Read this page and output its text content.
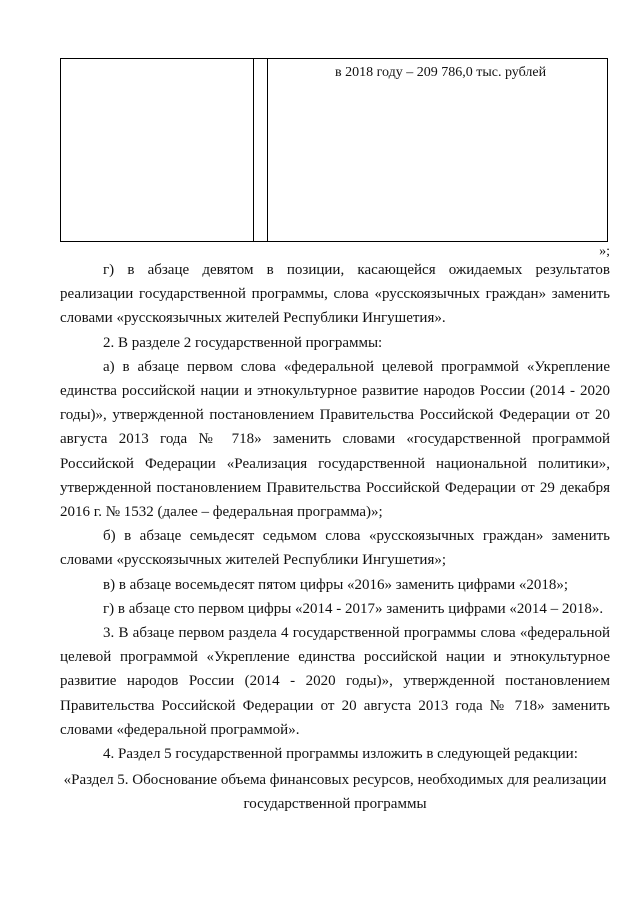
в 2018 году – 209 786,0 тыс. рублей
»;

г) в абзаце девятом в позиции, касающейся ожидаемых результатов реализации государственной программы, слова «русскоязычных граждан» заменить словами «русскоязычных жителей Республики Ингушетия».

2. В разделе 2 государственной программы:

а) в абзаце первом слова «федеральной целевой программой «Укрепление единства российской нации и этнокультурное развитие народов России (2014 - 2020 годы)», утвержденной постановлением Правительства Российской Федерации от 20 августа 2013 года № 718» заменить словами «государственной программой Российской Федерации «Реализация государственной национальной политики», утвержденной постановлением Правительства Российской Федерации от 29 декабря 2016 г. № 1532 (далее – федеральная программа)»;

б) в абзаце семьдесят седьмом слова «русскоязычных граждан» заменить словами «русскоязычных жителей Республики Ингушетия»;

в) в абзаце восемьдесят пятом цифры «2016» заменить цифрами «2018»;

г) в абзаце сто первом цифры «2014 - 2017» заменить цифрами «2014 – 2018».

3. В абзаце первом раздела 4 государственной программы слова «федеральной целевой программой «Укрепление единства российской нации и этнокультурное развитие народов России (2014 - 2020 годы)», утвержденной постановлением Правительства Российской Федерации от 20 августа 2013 года № 718» заменить словами «федеральной программой».

4. Раздел 5 государственной программы изложить в следующей редакции:

«Раздел 5. Обоснование объема финансовых ресурсов, необходимых для реализации государственной программы
